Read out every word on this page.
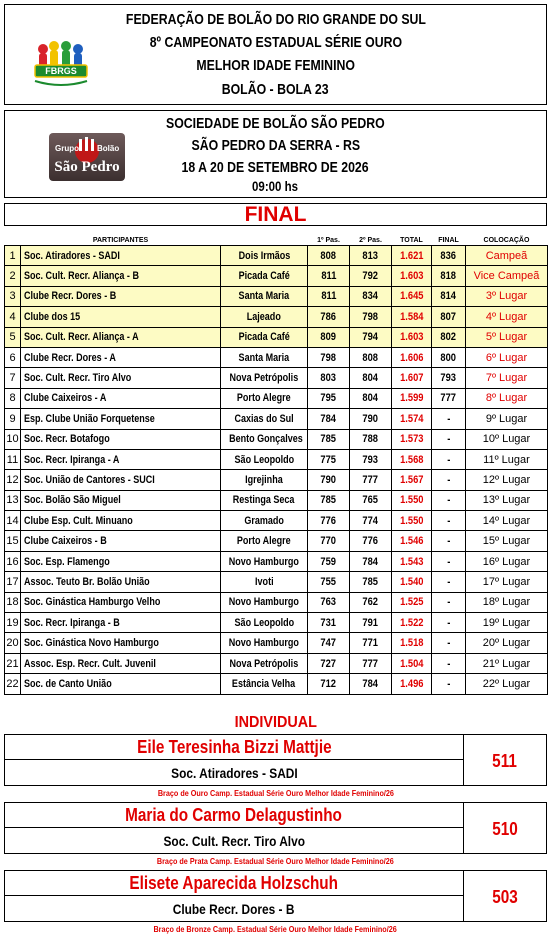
FBRGS
FEDERAÇÃO DE BOLÃO DO RIO GRANDE DO SUL
8º CAMPEONATO ESTADUAL SÉRIE OURO
MELHOR IDADE FEMININO
BOLÃO - BOLA 23
Grupo Bolão
São Pedro
SOCIEDADE DE BOLÃO SÃO PEDRO
SÃO PEDRO DA SERRA - RS
18 A 20 DE SETEMBRO DE 2026
09:00 hs
FINAL
	PARTICIPANTES		1º Pas.	2º Pas.	TOTAL	FINAL	COLOCAÇÃO
1	Soc. Atiradores - SADI	Dois Irmãos	808	813	1.621	836	Campeã
2	Soc. Cult. Recr. Aliança - B	Picada Café	811	792	1.603	818	Vice Campeã
3	Clube Recr. Dores - B	Santa Maria	811	834	1.645	814	3º Lugar
4	Clube dos 15	Lajeado	786	798	1.584	807	4º Lugar
5	Soc. Cult. Recr. Aliança - A	Picada Café	809	794	1.603	802	5º Lugar
6	Clube Recr. Dores - A	Santa Maria	798	808	1.606	800	6º Lugar
7	Soc. Cult. Recr. Tiro Alvo	Nova Petrópolis	803	804	1.607	793	7º Lugar
8	Clube Caixeiros - A	Porto Alegre	795	804	1.599	777	8º Lugar
9	Esp. Clube União Forquetense	Caxias do Sul	784	790	1.574	-	9º Lugar
10	Soc. Recr. Botafogo	Bento Gonçalves	785	788	1.573	-	10º Lugar
11	Soc. Recr. Ipiranga - A	São Leopoldo	775	793	1.568	-	11º Lugar
12	Soc. União de Cantores - SUCI	Igrejinha	790	777	1.567	-	12º Lugar
13	Soc. Bolão São Miguel	Restinga Seca	785	765	1.550	-	13º Lugar
14	Clube Esp. Cult. Minuano	Gramado	776	774	1.550	-	14º Lugar
15	Clube Caixeiros - B	Porto Alegre	770	776	1.546	-	15º Lugar
16	Soc. Esp. Flamengo	Novo Hamburgo	759	784	1.543	-	16º Lugar
17	Assoc. Teuto Br. Bolão União	Ivoti	755	785	1.540	-	17º Lugar
18	Soc. Ginástica Hamburgo Velho	Novo Hamburgo	763	762	1.525	-	18º Lugar
19	Soc. Recr. Ipiranga - B	São Leopoldo	731	791	1.522	-	19º Lugar
20	Soc. Ginástica Novo Hamburgo	Novo Hamburgo	747	771	1.518	-	20º Lugar
21	Assoc. Esp. Recr. Cult. Juvenil	Nova Petrópolis	727	777	1.504	-	21º Lugar
22	Soc. de Canto União	Estância Velha	712	784	1.496	-	22º Lugar
INDIVIDUAL
Eile Teresinha Bizzi Mattjie
Soc. Atiradores - SADI
511
Braço de Ouro Camp. Estadual Série Ouro Melhor Idade Feminino/26
Maria do Carmo Delagustinho
Soc. Cult. Recr. Tiro Alvo
510
Braço de Prata Camp. Estadual Série Ouro Melhor Idade Feminino/26
Elisete Aparecida Holzschuh
Clube Recr. Dores - B
503
Braço de Bronze Camp. Estadual Série Ouro Melhor Idade Feminino/26
